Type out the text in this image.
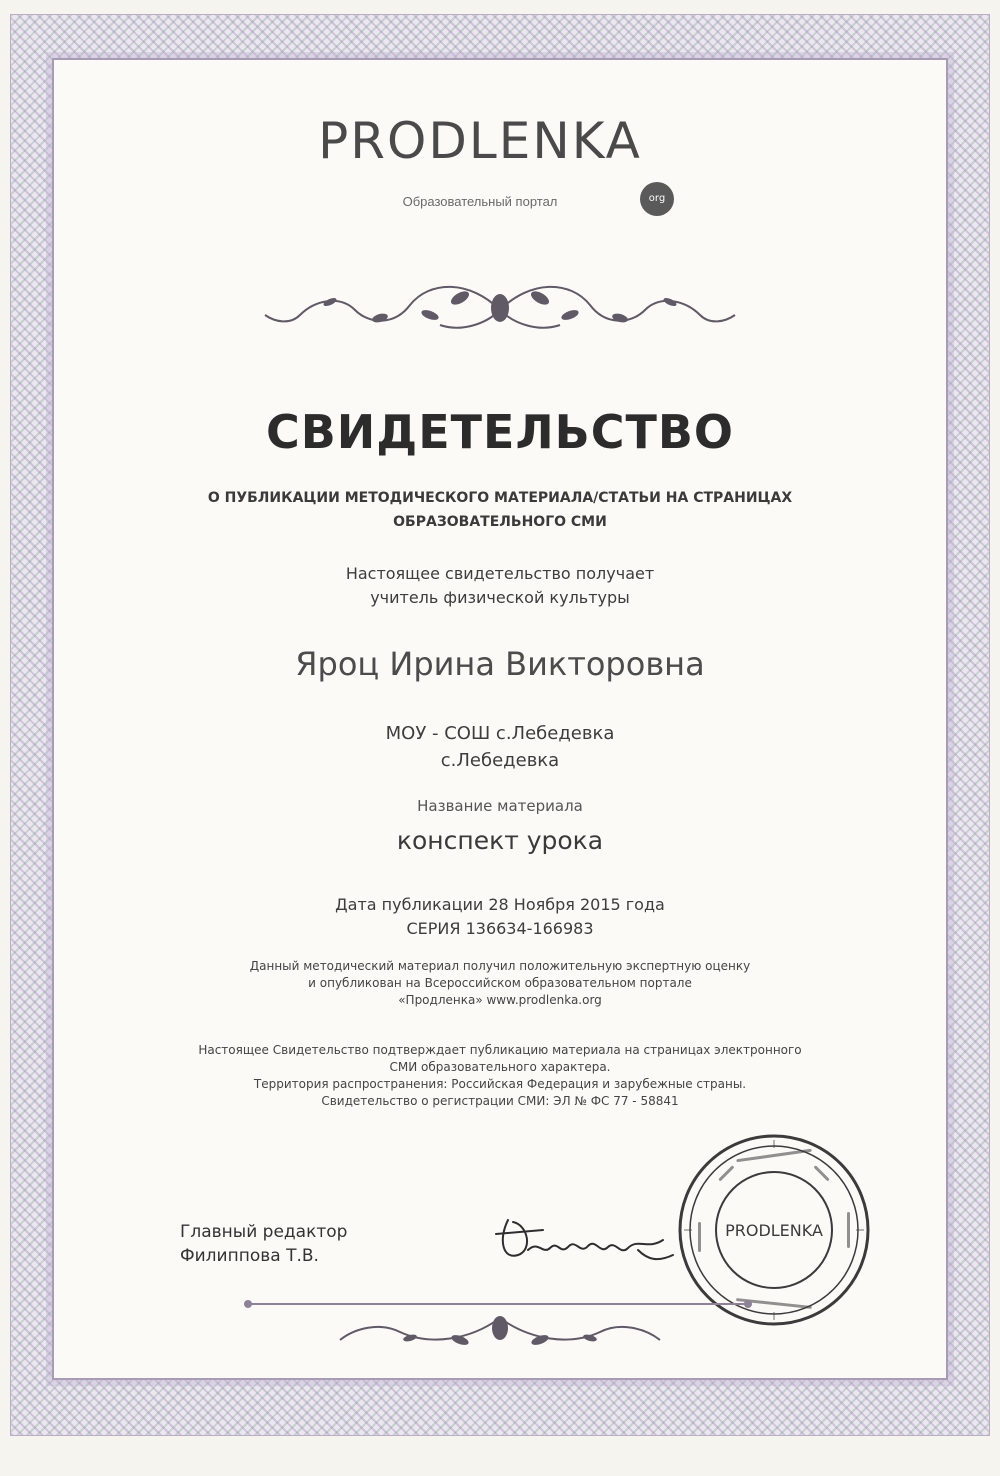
PRODLENKA
org
Образовательный портал
СВИДЕТЕЛЬСТВО
О ПУБЛИКАЦИИ МЕТОДИЧЕСКОГО МАТЕРИАЛА/СТАТЬИ НА СТРАНИЦАХ
ОБРАЗОВАТЕЛЬНОГО СМИ
Настоящее свидетельство получает
учитель физической культуры
Яроц Ирина Викторовна
МОУ - СОШ с.Лебедевка
с.Лебедевка
Название материала
конспект урока
Дата публикации 28 Ноября 2015 года
СЕРИЯ 136634-166983
Данный методический материал получил положительную экспертную оценку
и опубликован на Всероссийском образовательном портале
«Продленка» www.prodlenka.org
Настоящее Свидетельство подтверждает публикацию материала на страницах электронного
СМИ образовательного характера.
Территория распространения: Российская Федерация и зарубежные страны.
Свидетельство о регистрации СМИ: ЭЛ № ФС 77 - 58841
Главный редактор
Филиппова Т.В.
PRODLENKA
